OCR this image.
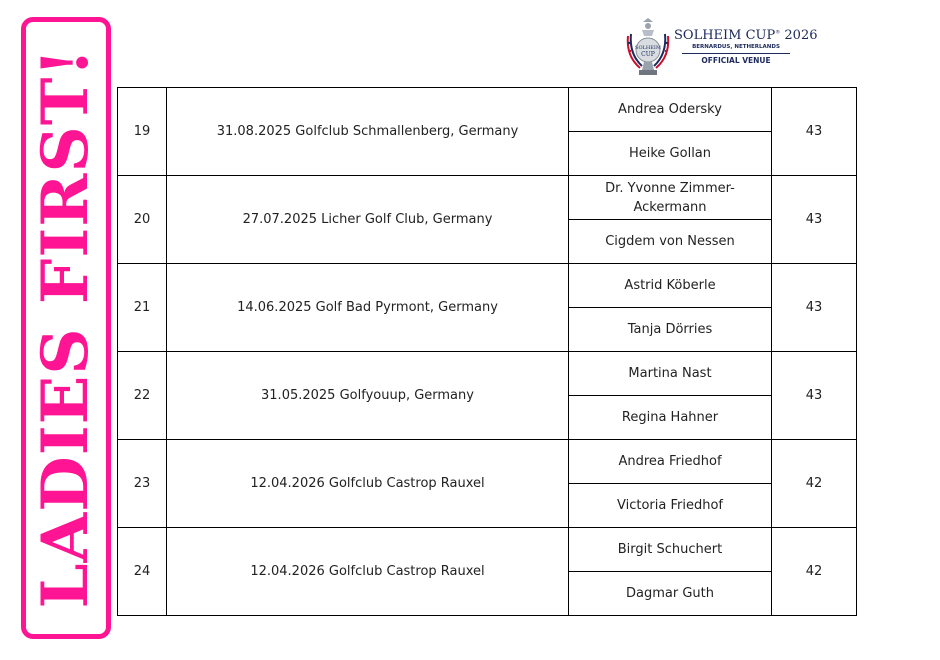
LADIES FIRST!	SOLHEIM
CUP
SOLHEIM CUP® 2026
BERNARDUS, NETHERLANDS
OFFICIAL VENUE
19	31.08.2025 Golfclub Schmallenberg, Germany	Andrea Odersky	43
		Heike Gollan	
20	27.07.2025 Licher Golf Club, Germany	Dr. Yvonne Zimmer-Ackermann	43
		Cigdem von Nessen	
21	14.06.2025 Golf Bad Pyrmont, Germany	Astrid Köberle	43
		Tanja Dörries	
22	31.05.2025 Golfyouup, Germany	Martina Nast	43
		Regina Hahner	
23	12.04.2026 Golfclub Castrop Rauxel	Andrea Friedhof	42
		Victoria Friedhof	
24	12.04.2026 Golfclub Castrop Rauxel	Birgit Schuchert	42
		Dagmar Guth	
